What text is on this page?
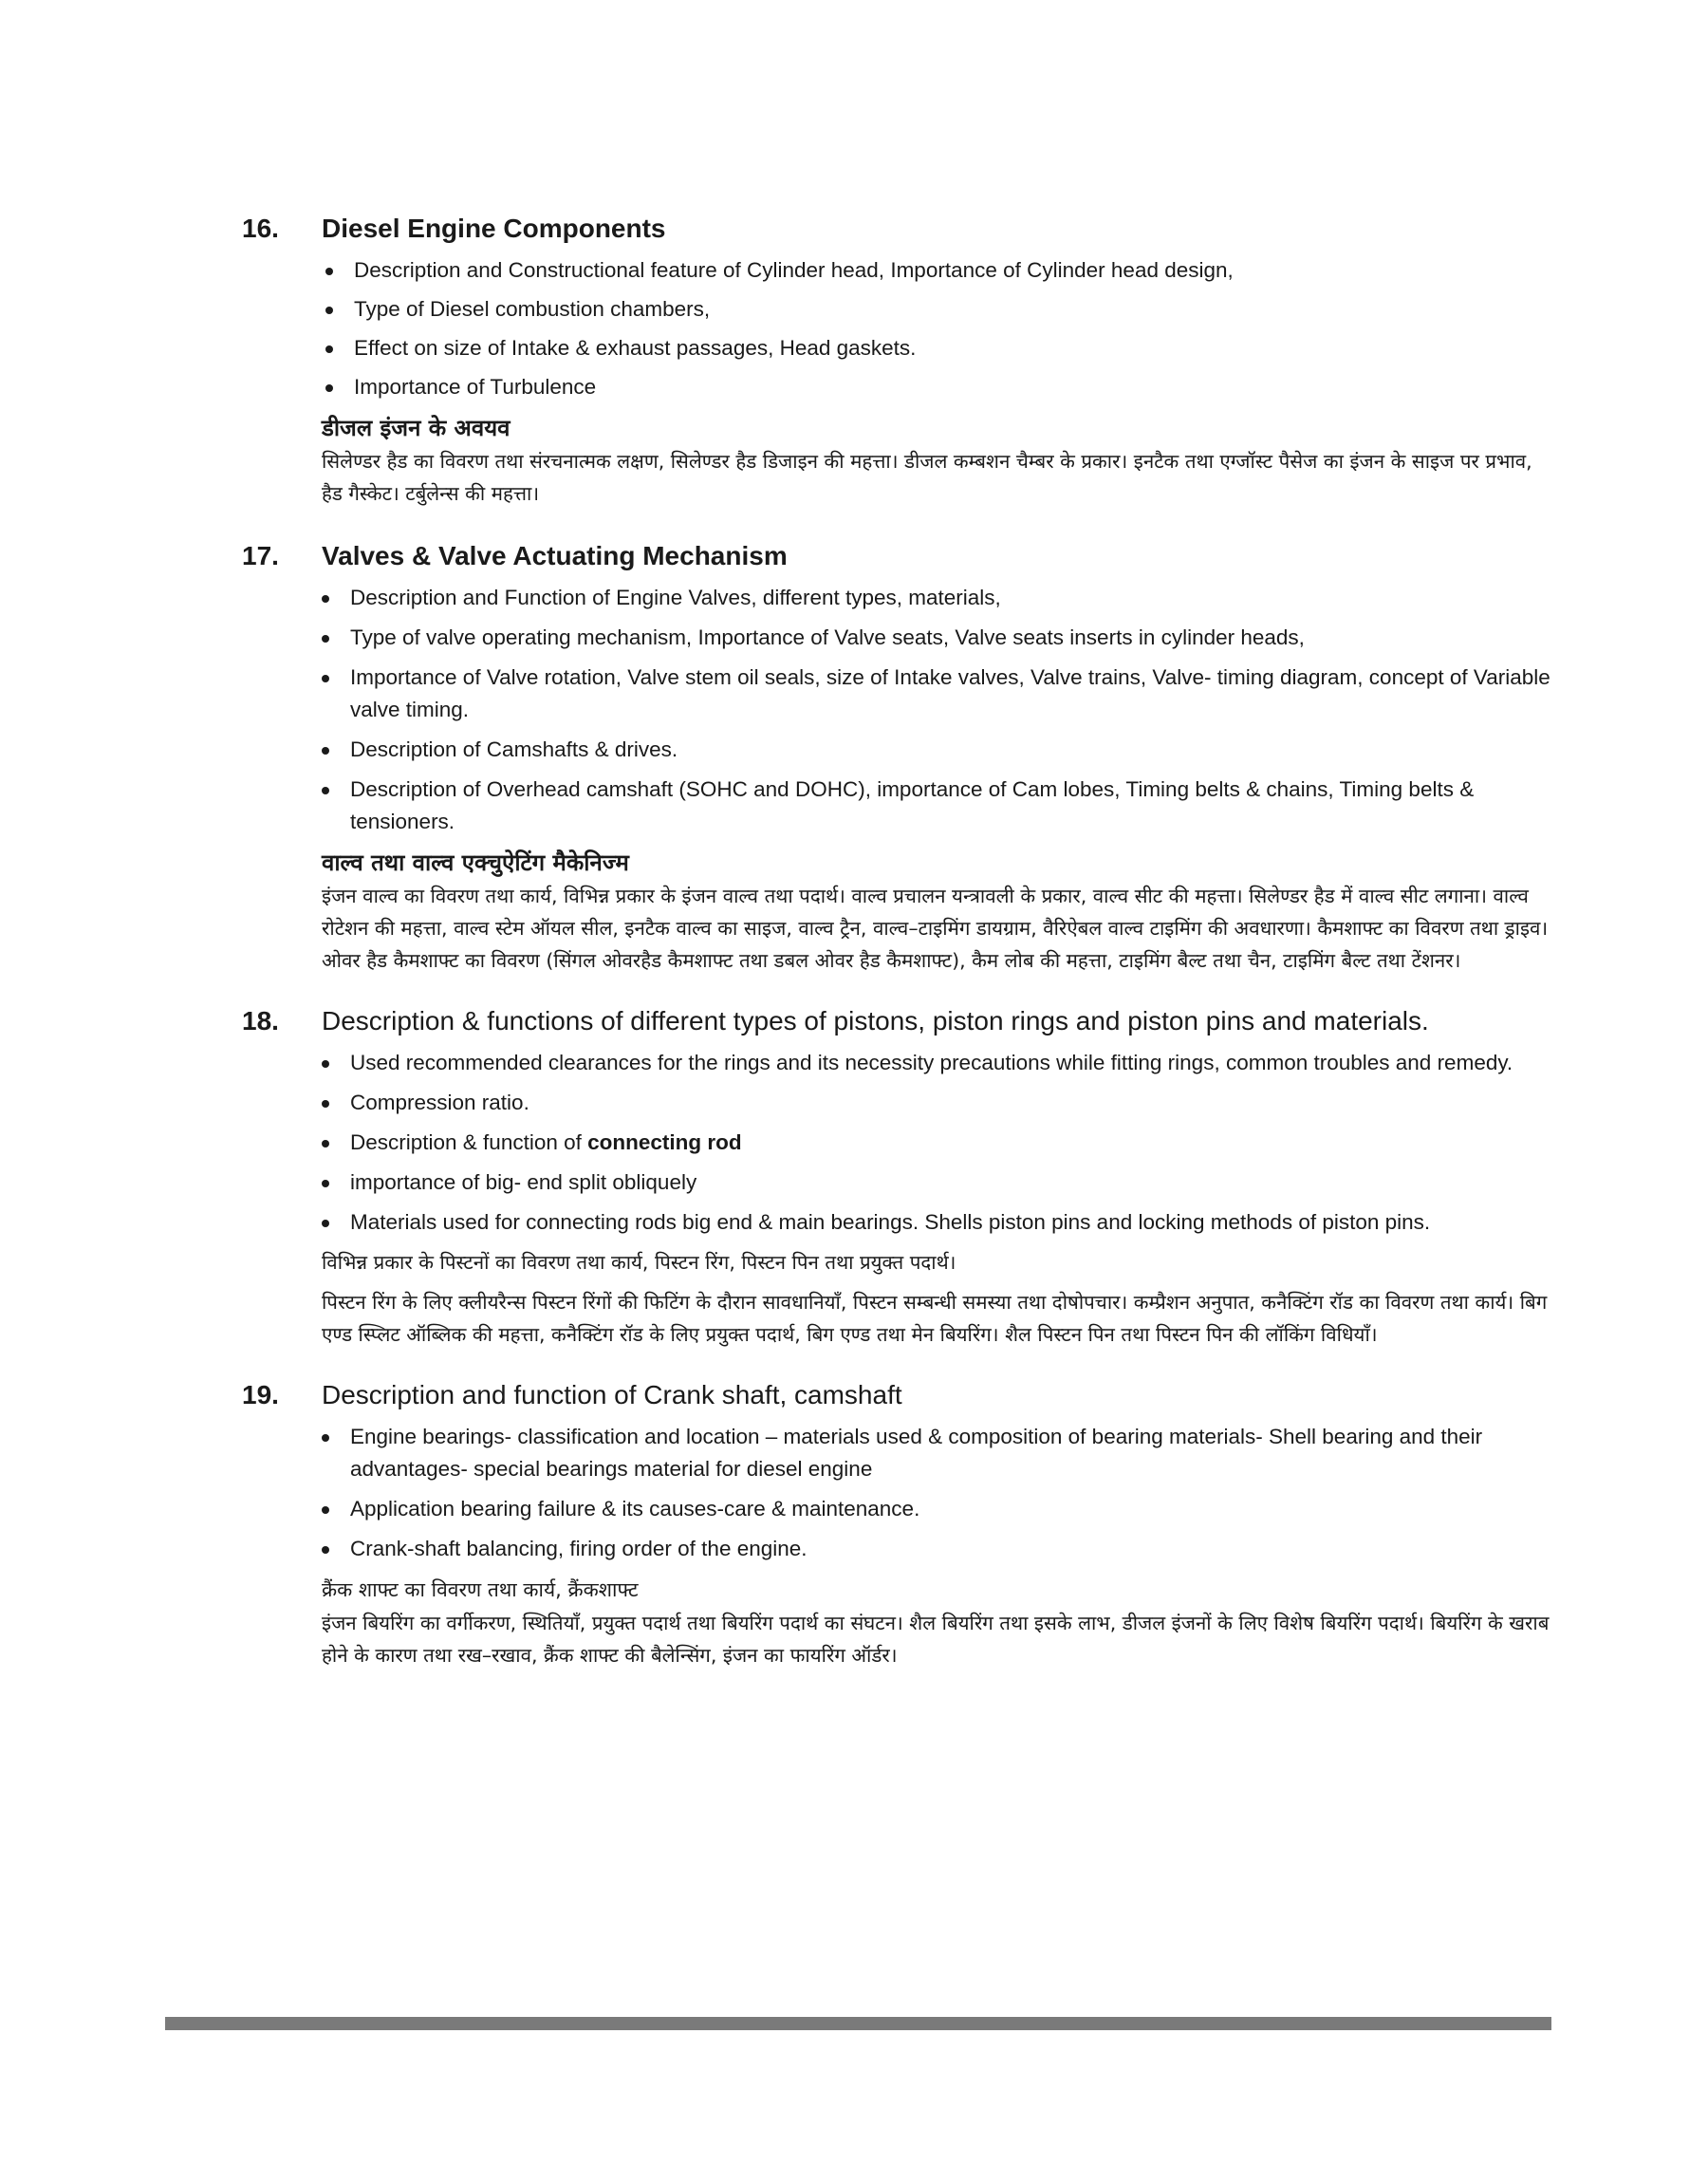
16.	Diesel Engine Components
Description and Constructional feature of Cylinder head, Importance of Cylinder head design,
Type of Diesel combustion chambers,
Effect on size of Intake & exhaust passages, Head gaskets.
Importance of Turbulence
डीजल इंजन के अवयव

सिलेण्डर हैड का विवरण तथा संरचनात्मक लक्षण, सिलेण्डर हैड डिजाइन की महत्ता। डीजल कम्बशन चैम्बर के प्रकार। इनटैक तथा एग्जॉस्ट पैसेज का इंजन के साइज पर प्रभाव, हैड गैस्केट। टर्बुलेन्स की महत्ता।

17.	Valves & Valve Actuating Mechanism
Description and Function of Engine Valves, different types, materials,
Type of valve operating mechanism, Importance of Valve seats, Valve seats inserts in cylinder heads,
Importance of Valve rotation, Valve stem oil seals, size of Intake valves, Valve trains, Valve- timing diagram, concept of Variable valve timing.
Description of Camshafts & drives.
Description of Overhead camshaft (SOHC and DOHC), importance of Cam lobes, Timing belts & chains, Timing belts & tensioners.
वाल्व तथा वाल्व एक्चुऐटिंग मैकेनिज्म

इंजन वाल्व का विवरण तथा कार्य, विभिन्न प्रकार के इंजन वाल्व तथा पदार्थ। वाल्व प्रचालन यन्त्रावली के प्रकार, वाल्व सीट की महत्ता। सिलेण्डर हैड में वाल्व सीट लगाना। वाल्व रोटेशन की महत्ता, वाल्व स्टेम ऑयल सील, इनटैक वाल्व का साइज, वाल्व ट्रैन, वाल्व–टाइमिंग डायग्राम, वैरिऐबल वाल्व टाइमिंग की अवधारणा। कैमशाफ्ट का विवरण तथा ड्राइव। ओवर हैड कैमशाफ्ट का विवरण (सिंगल ओवरहैड कैमशाफ्ट तथा डबल ओवर हैड कैमशाफ्ट), कैम लोब की महत्ता, टाइमिंग बैल्ट तथा चैन, टाइमिंग बैल्ट तथा टेंशनर।

18.	Description & functions of different types of pistons, piston rings and piston pins and materials.
Used recommended clearances for the rings and its necessity precautions while fitting rings, common troubles and remedy.
Compression ratio.
Description & function of connecting rod
importance of big- end split obliquely
Materials used for connecting rods big end & main bearings. Shells piston pins and locking methods of piston pins.

विभिन्न प्रकार के पिस्टनों का विवरण तथा कार्य, पिस्टन रिंग, पिस्टन पिन तथा प्रयुक्त पदार्थ।

पिस्टन रिंग के लिए क्लीयरैन्स पिस्टन रिंगों की फिटिंग के दौरान सावधानियाँ, पिस्टन सम्बन्धी समस्या तथा दोषोपचार। कम्प्रैशन अनुपात, कनैक्टिंग रॉड का विवरण तथा कार्य। बिग एण्ड स्प्लिट ऑब्लिक की महत्ता, कनैक्टिंग रॉड के लिए प्रयुक्त पदार्थ, बिग एण्ड तथा मेन बियरिंग। शैल पिस्टन पिन तथा पिस्टन पिन की लॉकिंग विधियाँ।

19.	Description and function of Crank shaft, camshaft
Engine bearings- classification and location – materials used & composition of bearing materials- Shell bearing and their advantages- special bearings material for diesel engine
Application bearing failure & its causes-care & maintenance.
Crank-shaft balancing, firing order of the engine.
क्रैंक शाफ्ट का विवरण तथा कार्य, क्रैंकशाफ्ट

इंजन बियरिंग का वर्गीकरण, स्थितियाँ, प्रयुक्त पदार्थ तथा बियरिंग पदार्थ का संघटन। शैल बियरिंग तथा इसके लाभ, डीजल इंजनों के लिए विशेष बियरिंग पदार्थ। बियरिंग के खराब होने के कारण तथा रख–रखाव, क्रैंक शाफ्ट की बैलेन्सिंग, इंजन का फायरिंग ऑर्डर।
